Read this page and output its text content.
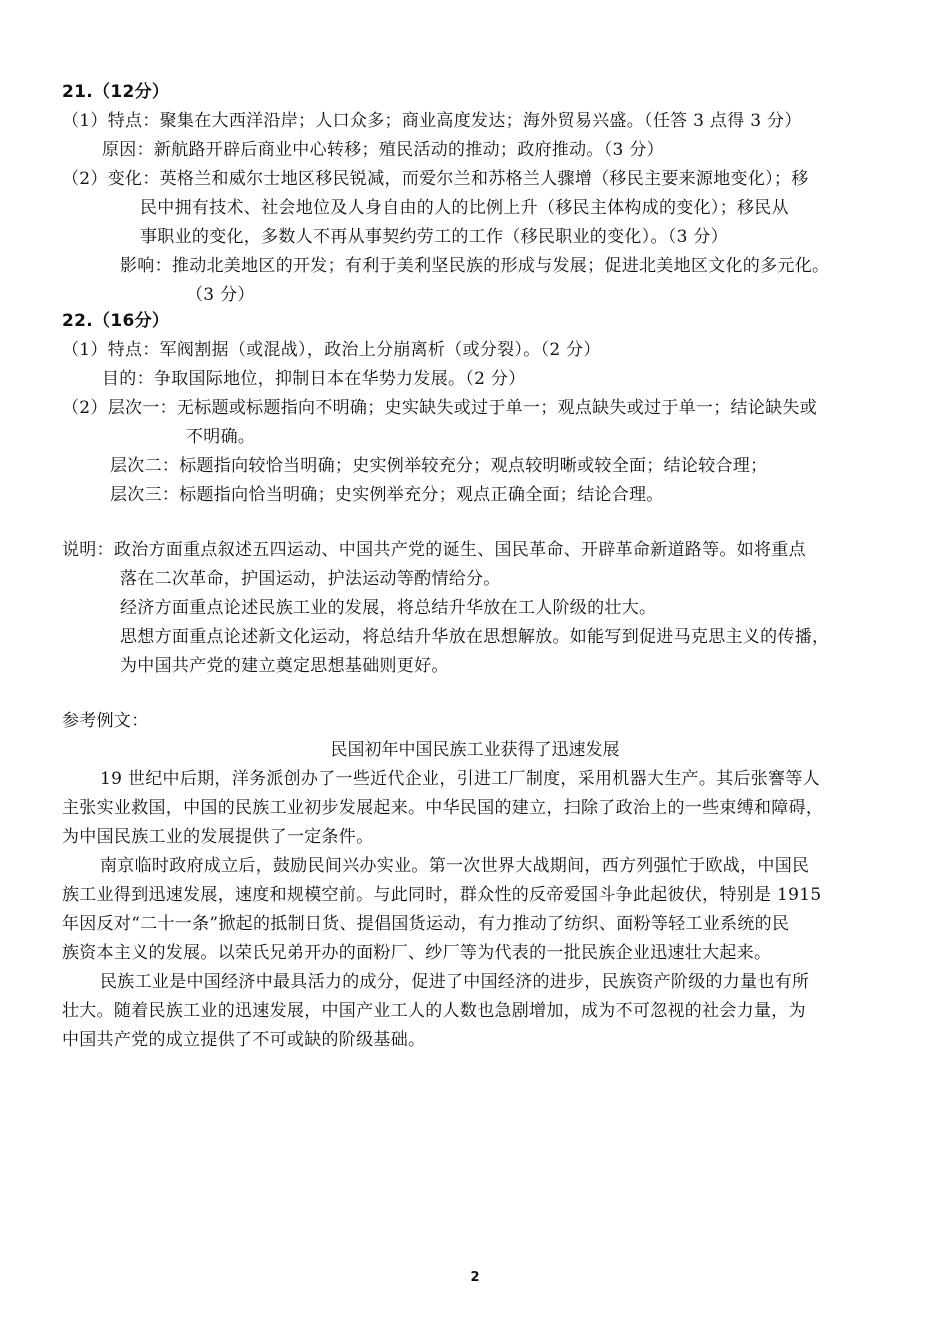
21.（12分）
（1）特点：聚集在大西洋沿岸；人口众多；商业高度发达；海外贸易兴盛。（任答 3 点得 3 分）
原因：新航路开辟后商业中心转移；殖民活动的推动；政府推动。（3 分）
（2）变化：英格兰和威尔士地区移民锐减，而爱尔兰和苏格兰人骤增（移民主要来源地变化）；移
民中拥有技术、社会地位及人身自由的人的比例上升（移民主体构成的变化）；移民从
事职业的变化，多数人不再从事契约劳工的工作（移民职业的变化）。（3 分）
影响：推动北美地区的开发；有利于美利坚民族的形成与发展；促进北美地区文化的多元化。
（3 分）
22.（16分）
（1）特点：军阀割据（或混战），政治上分崩离析（或分裂）。（2 分）
目的：争取国际地位，抑制日本在华势力发展。（2 分）
（2）层次一：无标题或标题指向不明确；史实缺失或过于单一；观点缺失或过于单一；结论缺失或
不明确。
层次二：标题指向较恰当明确；史实例举较充分；观点较明晰或较全面；结论较合理；
层次三：标题指向恰当明确；史实例举充分；观点正确全面；结论合理。
说明：政治方面重点叙述五四运动、中国共产党的诞生、国民革命、开辟革命新道路等。如将重点
落在二次革命，护国运动，护法运动等酌情给分。
经济方面重点论述民族工业的发展，将总结升华放在工人阶级的壮大。
思想方面重点论述新文化运动，将总结升华放在思想解放。如能写到促进马克思主义的传播，
为中国共产党的建立奠定思想基础则更好。
参考例文：
民国初年中国民族工业获得了迅速发展
19 世纪中后期，洋务派创办了一些近代企业，引进工厂制度，采用机器大生产。其后张謇等人
主张实业救国，中国的民族工业初步发展起来。中华民国的建立，扫除了政治上的一些束缚和障碍，
为中国民族工业的发展提供了一定条件。
南京临时政府成立后，鼓励民间兴办实业。第一次世界大战期间，西方列强忙于欧战，中国民
族工业得到迅速发展，速度和规模空前。与此同时，群众性的反帝爱国斗争此起彼伏，特别是 1915
年因反对“二十一条”掀起的抵制日货、提倡国货运动，有力推动了纺织、面粉等轻工业系统的民
族资本主义的发展。以荣氏兄弟开办的面粉厂、纱厂等为代表的一批民族企业迅速壮大起来。
民族工业是中国经济中最具活力的成分，促进了中国经济的进步，民族资产阶级的力量也有所
壮大。随着民族工业的迅速发展，中国产业工人的人数也急剧增加，成为不可忽视的社会力量，为
中国共产党的成立提供了不可或缺的阶级基础。
2
